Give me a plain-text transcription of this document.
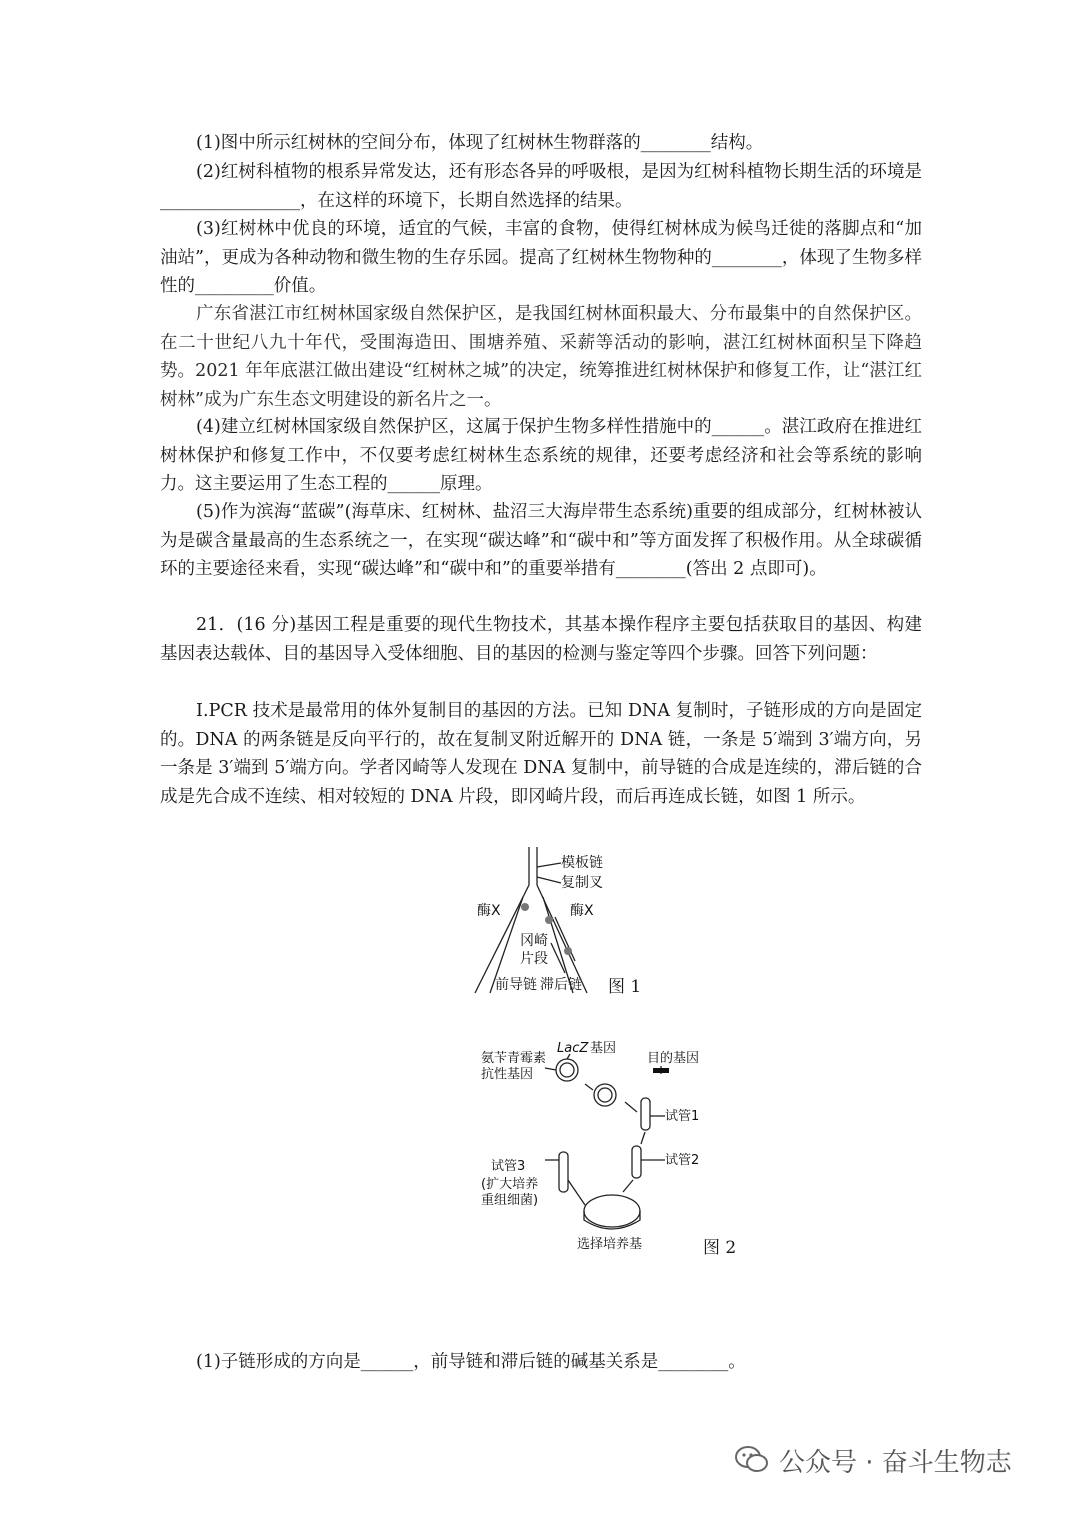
(1)图中所示红树林的空间分布，体现了红树林生物群落的________结构。

(2)红树科植物的根系异常发达，还有形态各异的呼吸根，是因为红树科植物长期生活的环境是________________，在这样的环境下，长期自然选择的结果。

(3)红树林中优良的环境，适宜的气候，丰富的食物，使得红树林成为候鸟迁徙的落脚点和“加油站”，更成为各种动物和微生物的生存乐园。提高了红树林生物物种的________，体现了生物多样性的_________价值。

广东省湛江市红树林国家级自然保护区，是我国红树林面积最大、分布最集中的自然保护区。在二十世纪八九十年代，受围海造田、围塘养殖、采薪等活动的影响，湛江红树林面积呈下降趋势。2021 年年底湛江做出建设“红树林之城”的决定，统筹推进红树林保护和修复工作，让“湛江红树林”成为广东生态文明建设的新名片之一。

(4)建立红树林国家级自然保护区，这属于保护生物多样性措施中的______。湛江政府在推进红树林保护和修复工作中，不仅要考虑红树林生态系统的规律，还要考虑经济和社会等系统的影响力。这主要运用了生态工程的______原理。

(5)作为滨海“蓝碳”(海草床、红树林、盐沼三大海岸带生态系统)重要的组成部分，红树林被认为是碳含量最高的生态系统之一，在实现“碳达峰”和“碳中和”等方面发挥了积极作用。从全球碳循环的主要途径来看，实现“碳达峰”和“碳中和”的重要举措有________(答出 2 点即可)。

21．(16 分)基因工程是重要的现代生物技术，其基本操作程序主要包括获取目的基因、构建基因表达载体、目的基因导入受体细胞、目的基因的检测与鉴定等四个步骤。回答下列问题：

Ⅰ.PCR 技术是最常用的体外复制目的基因的方法。已知 DNA 复制时，子链形成的方向是固定的。DNA 的两条链是反向平行的，故在复制叉附近解开的 DNA 链，一条是 5′端到 3′端方向，另一条是 3′端到 5′端方向。学者冈崎等人发现在 DNA 复制中，前导链的合成是连续的，滞后链的合成是先合成不连续、相对较短的 DNA 片段，即冈崎片段，而后再连成长链，如图 1 所示。

模板链
复制叉
酶X	酶X
冈崎
片段
前导链 滞后链 图 1
氨苄青霉素
抗性基因
LacZ 基因
目的基因
试管1
试管2
试管3
(扩大培养
重组细菌)
选择培养基	图 2

(1)子链形成的方向是______，前导链和滞后链的碱基关系是________。

公众号 · 奋斗生物志
